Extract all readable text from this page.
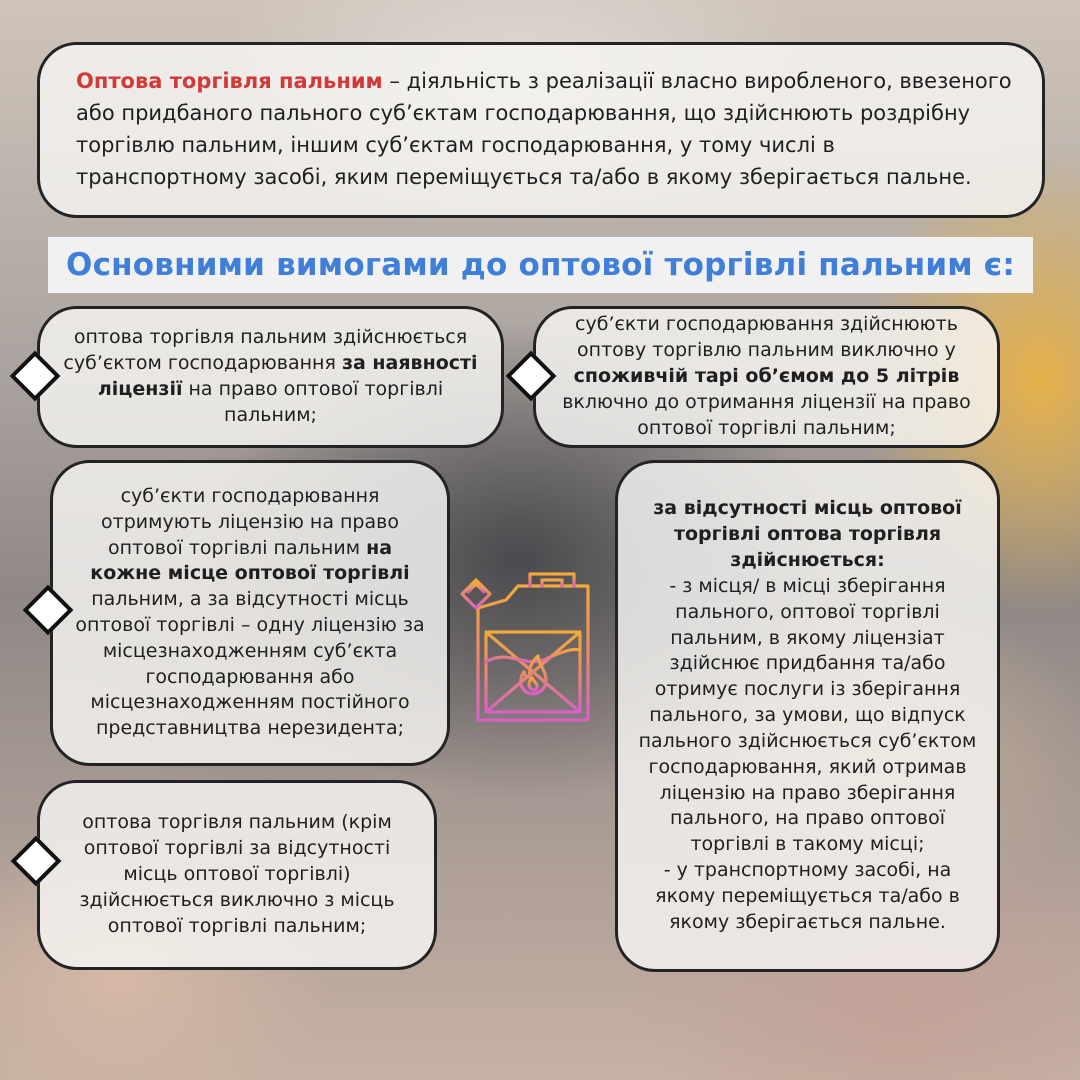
Оптова торгівля пальним – діяльність з реалізації власно виробленого, ввезеного або придбаного пального суб’єктам господарювання, що здійснюють роздрібну торгівлю пальним, іншим суб’єктам господарювання, у тому числі в транспортному засобі, яким переміщується та/або в якому зберігається пальне.
Основними вимогами до оптової торгівлі пальним є:
оптова торгівля пальним здійснюється суб’єктом господарювання за наявності ліцензії на право оптової торгівлі пальним;
суб’єкти господарювання здійснюють оптову торгівлю пальним виключно у споживчій тарі об’ємом до 5 літрів включно до отримання ліцензії на право оптової торгівлі пальним;
суб’єкти господарювання отримують ліцензію на право оптової торгівлі пальним на кожне місце оптової торгівлі пальним, а за відсутності місць оптової торгівлі – одну ліцензію за місцезнаходженням суб’єкта господарювання або місцезнаходженням постійного представництва нерезидента;
оптова торгівля пальним (крім оптової торгівлі за відсутності місць оптової торгівлі) здійснюється виключно з місць оптової торгівлі пальним;
за відсутності місць оптової торгівлі оптова торгівля здійснюється:
- з місця/ в місці зберігання пального, оптової торгівлі пальним, в якому ліцензіат здійснює придбання та/або отримує послуги із зберігання пального, за умови, що відпуск пального здійснюється суб’єктом господарювання, який отримав ліцензію на право зберігання пального, на право оптової торгівлі в такому місці;
- у транспортному засобі, на якому переміщується та/або в якому зберігається пальне.
